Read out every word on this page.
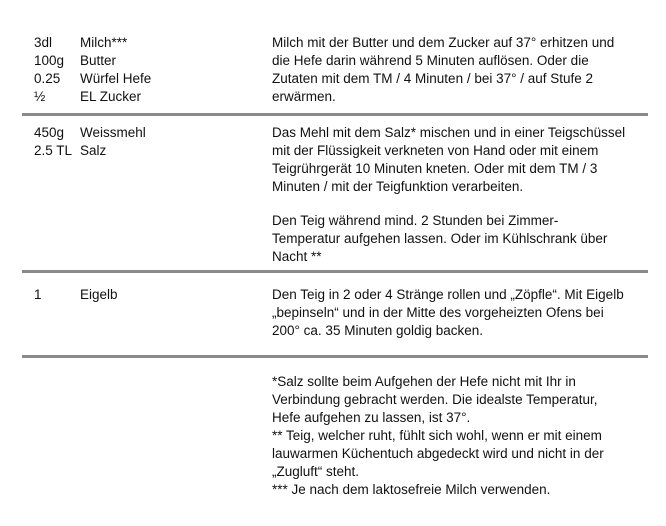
3dl	Milch***
100g	Butter
0.25	Würfel Hefe
½	EL Zucker
Milch mit der Butter und dem Zucker auf 37° erhitzen und
die Hefe darin während 5 Minuten auflösen. Oder die
Zutaten mit dem TM / 4 Minuten / bei 37° / auf Stufe 2
erwärmen.
450g	Weissmehl
2.5 TL Salz
Das Mehl mit dem Salz* mischen und in einer Teigschüssel
mit der Flüssigkeit verkneten von Hand oder mit einem
Teigrührgerät 10 Minuten kneten. Oder mit dem TM / 3
Minuten / mit der Teigfunktion verarbeiten.
Den Teig während mind. 2 Stunden bei Zimmer-
Temperatur aufgehen lassen. Oder im Kühlschrank über
Nacht **
1	Eigelb	Den Teig in 2 oder 4 Stränge rollen und „Zöpfle“. Mit Eigelb
„bepinseln“ und in der Mitte des vorgeheizten Ofens bei
200° ca. 35 Minuten goldig backen.
*Salz sollte beim Aufgehen der Hefe nicht mit Ihr in
Verbindung gebracht werden. Die idealste Temperatur,
Hefe aufgehen zu lassen, ist 37°.
** Teig, welcher ruht, fühlt sich wohl, wenn er mit einem
lauwarmen Küchentuch abgedeckt wird und nicht in der
„Zugluft“ steht.
*** Je nach dem laktosefreie Milch verwenden.
